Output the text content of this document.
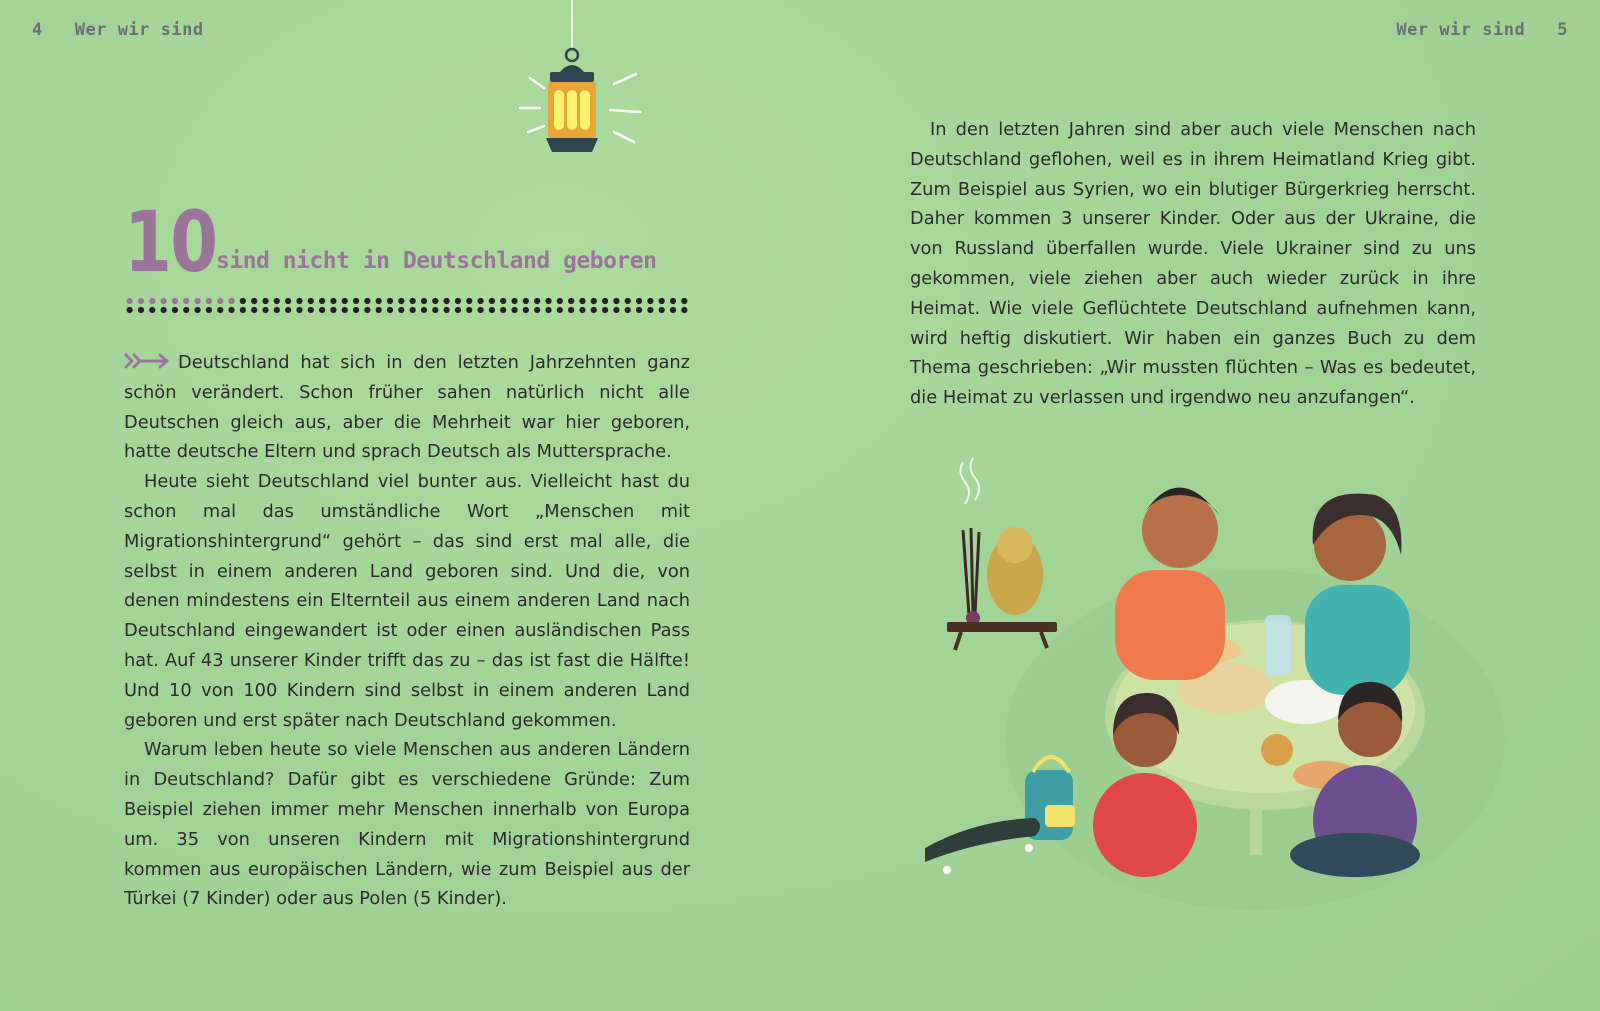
4 Wer wir sind	Wer wir sind 5
10 sind nicht in Deutschland geboren

Deutschland hat sich in den letzten Jahrzehnten ganz schön verändert. Schon früher sahen natürlich nicht alle Deutschen gleich aus, aber die Mehrheit war hier geboren, hatte deutsche Eltern und sprach Deutsch als Muttersprache.

Heute sieht Deutschland viel bunter aus. Vielleicht hast du schon mal das umständliche Wort „Menschen mit Migrationshintergrund“ gehört – das sind erst mal alle, die selbst in einem anderen Land geboren sind. Und die, von denen mindestens ein Elternteil aus einem anderen Land nach Deutschland eingewandert ist oder einen ausländischen Pass hat. Auf 43 unserer Kinder trifft das zu – das ist fast die Hälfte! Und 10 von 100 Kindern sind selbst in einem anderen Land geboren und erst später nach Deutschland gekommen.

Warum leben heute so viele Menschen aus anderen Ländern in Deutschland? Dafür gibt es verschiedene Gründe: Zum Beispiel ziehen immer mehr Menschen innerhalb von Europa um. 35 von unseren Kindern mit Migrationshintergrund kommen aus europäischen Ländern, wie zum Beispiel aus der Türkei (7 Kinder) oder aus Polen (5 Kinder).

In den letzten Jahren sind aber auch viele Menschen nach Deutschland geflohen, weil es in ihrem Heimatland Krieg gibt. Zum Beispiel aus Syrien, wo ein blutiger Bürgerkrieg herrscht. Daher kommen 3 unserer Kinder. Oder aus der Ukraine, die von Russland überfallen wurde. Viele Ukrainer sind zu uns gekommen, viele ziehen aber auch wieder zurück in ihre Heimat. Wie viele Geflüchtete Deutschland aufnehmen kann, wird heftig diskutiert. Wir haben ein ganzes Buch zu dem Thema geschrieben: „Wir mussten flüchten – Was es bedeutet, die Heimat zu verlassen und irgendwo neu anzufangen“.
